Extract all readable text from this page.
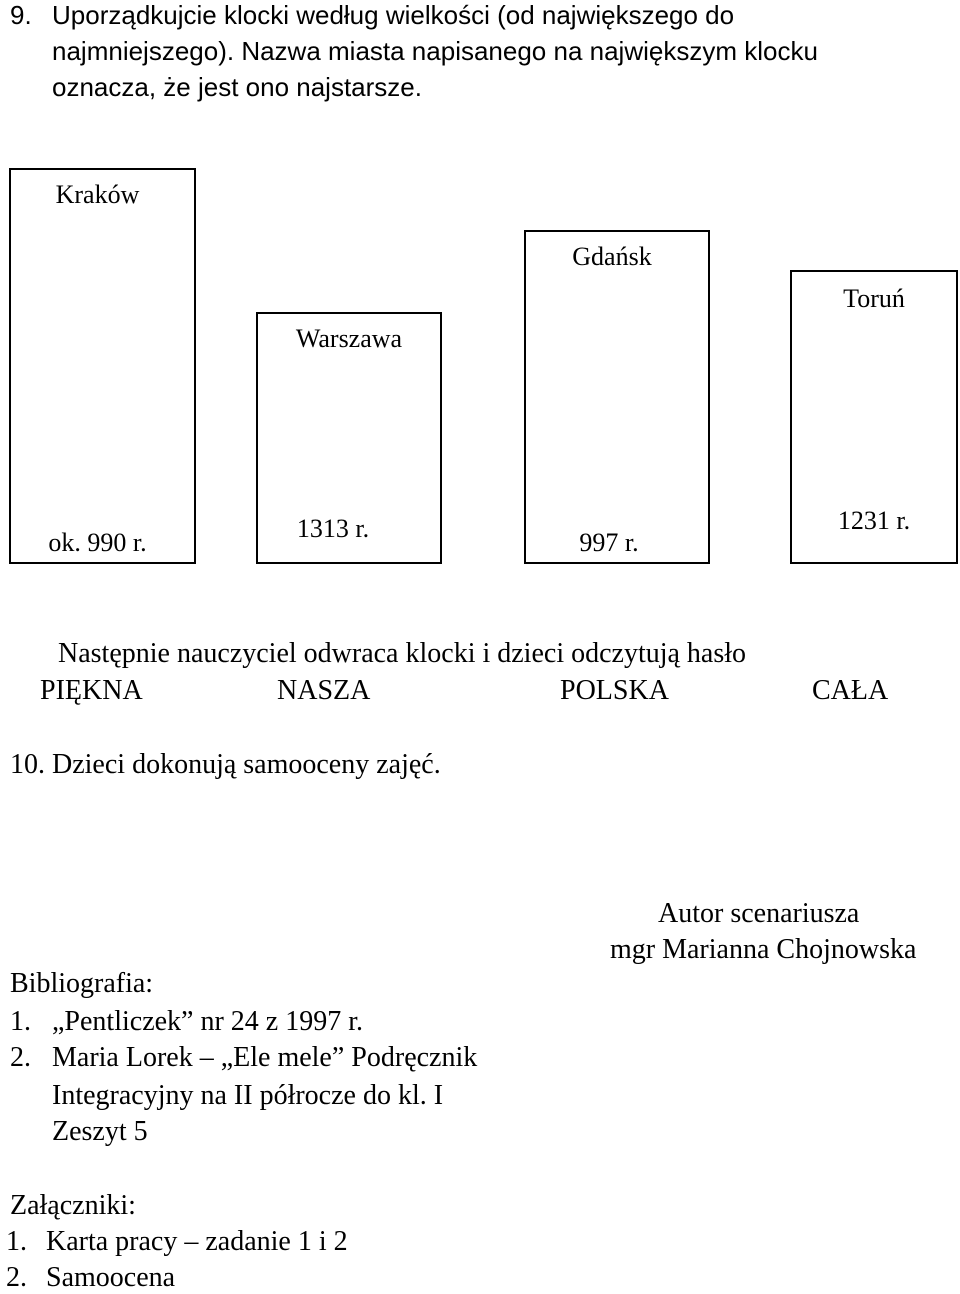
9. Uporządkujcie klocki według wielkości (od największego do
najmniejszego). Nazwa miasta napisanego na największym klocku
oznacza, że jest ono najstarsze.
Kraków
ok. 990 r.
Warszawa
1313 r.
Gdańsk
997 r.
Toruń
1231 r.
Następnie nauczyciel odwraca klocki i dzieci odczytują hasło
PIĘKNA	NASZA	POLSKA	CAŁA
10. Dzieci dokonują samooceny zajęć.
Autor scenariusza
mgr Marianna Chojnowska
Bibliografia:
1. „Pentliczek” nr 24 z 1997 r.
2. Maria Lorek – „Ele mele” Podręcznik
Integracyjny na II półrocze do kl. I
Zeszyt 5
Załączniki:
1. Karta pracy – zadanie 1 i 2
2. Samoocena
